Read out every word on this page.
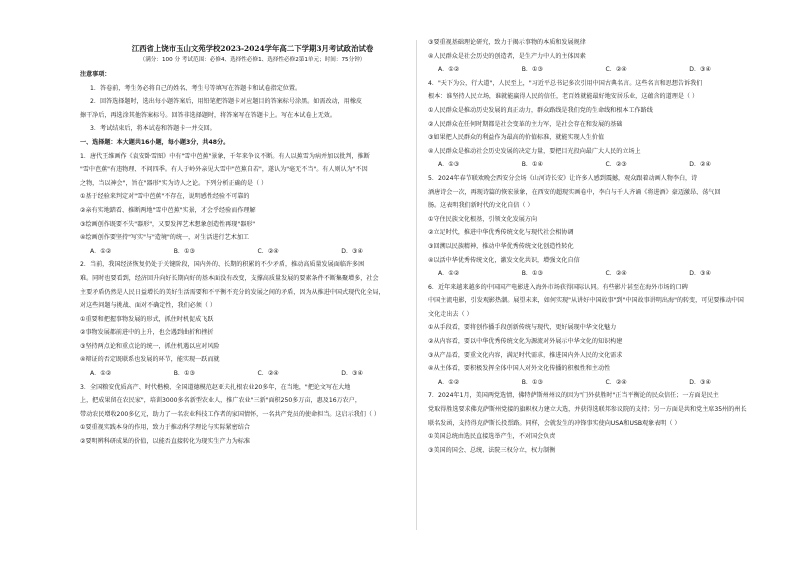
江西省上饶市玉山文苑学校2023-2024学年高二下学期3月考试政治试卷
（满分：100 分 考试范围：必修4、选择性必修1、选择性必修2第1单元；时间：75分钟）
注意事项：
1．答卷前，考生务必将自己的姓名、考生号等填写在答题卡和试卷指定位置。
2．回答选择题时，选出每小题答案后，用铅笔把答题卡对应题目的答案标号涂黑。如需改动，用橡皮
擦干净后，再选涂其他答案标号。回答非选择题时，将答案写在答题卡上。写在本试卷上无效。
3．考试结束后，将本试卷和答题卡一并交回。
一、选择题：本大题共16小题，每小题3分，共48分。
1．唐代王维画作《袁安卧雪图》中有"雪中芭蕉"景象，千年来争议不断。有人以蕉雪为病并加以批判，推断
"雪中芭蕉"有违物理、不问四季。有人于岭外亲见大雪中"芭蕉自若"，遂认为"毫无不当"。有人则认为"不因
之物，当以神会"，旨在"器形"实为诗人之论。下列分析正确的是（ ）
①基于经验来判定对"雪中芭蕉"不存在，说明感性经验不可靠的
②亲有实地踏看、推断两地"雪中芭蕉"实景，才会乎经验而作理解
③绘画创作既要不失"器形"，又要发挥艺术想象创造性再现"器形"
④绘画创作要坚持"写实"与"造境"的统一，对生活进行艺术加工
A．①②	B．①③	C．②④	D．③④
2．当前，我国经济恢复仍处于关键阶段，国内外的、长期的积累的不少矛盾，推动高质量发展面临许多困
难。同时也要看到，经济回升向好长期向好的基本面没有改变，支撑高质量发展的要素条件不断集聚增多，社会
主要矛盾仍然是人民日益增长的美好生活需要和不平衡不充分的发展之间的矛盾，因为从推进中国式现代化全局，
对这些问题与挑战、面对不确定性，我们必须（ ）
①重要和把握事物发展的形式，抓住时机促成飞跃
②事物发展都前进中的上升，也会遇到曲折和挫折
③坚持两点论和重点论的统一，抓住机遇以应对风险
④辩证的否定既联系也发展的环节，能实现一跃而就
A．①②	B．①③	C．②④	D．③④
3．全国粮安优质高产、时代楷模、全国道德模范赵亚夫扎根农业20多年，在当地，"把论文写在大地
上，把成果留在农民家"，培训3000多名新型农业人，推广农业"三新"面积250多万亩，惠及16万农户，
带动农民增收200多亿元，助力了一名农业科技工作者的家国情怀，一名共产党员的使命担当。这启示我们（ ）
①要重视实践本身的作用，致力于推动科学理论与实际紧密结合
②要明辨科研成果的价值，以能否直接转化为现实生产力为标准
③要重视基础理论研究，致力于揭示事物的本质和发展规律
④人民群众是社会历史的创造者，是生产力中人的主体因素
A．①②	B．①③	C．②④	D．③④
4．"天下为公，行大道"，人民至上，"习近平总书记多次引用中国古典名言。这些名言和思想告诉我们
根本：谁坚持人民立场，谁就能赢得人民的信任，老百姓就能最好地安居乐业，这蕴含的道理是（ ）
①人民群众是推动历史发展的真正动力，群众路线是我们党的生命线和根本工作路线
②人民群众在任何时期都是社会变革的主力军，是社会存在和发展的基础
③如果把人民群众的利益作为最高的价值标准，就能实现人生价值
④人民群众是推动社会历史发展的决定力量，要把目光投向最广大人民的立场上
A．①③	B．①④	C．②③	D．②④
5．2024年春节联欢晚会西安分会场《山河诗长安》让许多人感到震撼，观众跟着动画人物李白，诗
酒唐诗会一次，再现诗篇的恢宏景象，在西安的超现实画卷中，李白与千人齐诵《将进酒》豪迈激昂、荡气回
肠。这表明我们新时代的文化自信（ ）
①守住民族文化根基，引领文化发展方向
②立足时代，推进中华优秀传统文化与现代社会相协调
③回溯以民族精神，推动中华优秀传统文化创造性转化
④以活中华优秀传统文化，激发文化共识，增强文化自信
A．①②	B．①③	C．②④	D．③④
6．近年来越来越多的中国国产电影进入海外市场获得国际认同。有些影片甚至在海外市场的口碑
中国主流电影，引发观影热潮。展望未来，如何实现"从讲好中国故事"到"中国故事讲明出海"的转变，可见要推动中国
文化走出去（ ）
①从手段看，要将创作播手段创新传统与现代，更好展现中华文化魅力
②从内容看，要以中华优秀传统文化为源流对外展示中华文化的知识构建
③从产品看，要重文化内容，满足时代需求，推进国内外人民的文化需求
④从主体看，要积极发挥全体中国人对外文化传播的积极性和主动性
A．①②	B．①③	C．②④	D．③④
7．2024年1月，美国两党选情，佛特萨斯州州议的因为"门外获胜时"正当平衡论的民众信任；一方面是民主
党取得胜选要求佛克萨斯州党接的旗帜权力建立大选，并获得选联邦参议院的支持；另一方面是共和党主席35州的州长
联名发函，支持得克萨斯长投票路。同样，会就发生的冲锋事实使向USA和USB观象表明（ ）
①美国总统由选民直接选举产生，不对国会负责
③美国的国会、总统、法院三权分立，权力制衡
